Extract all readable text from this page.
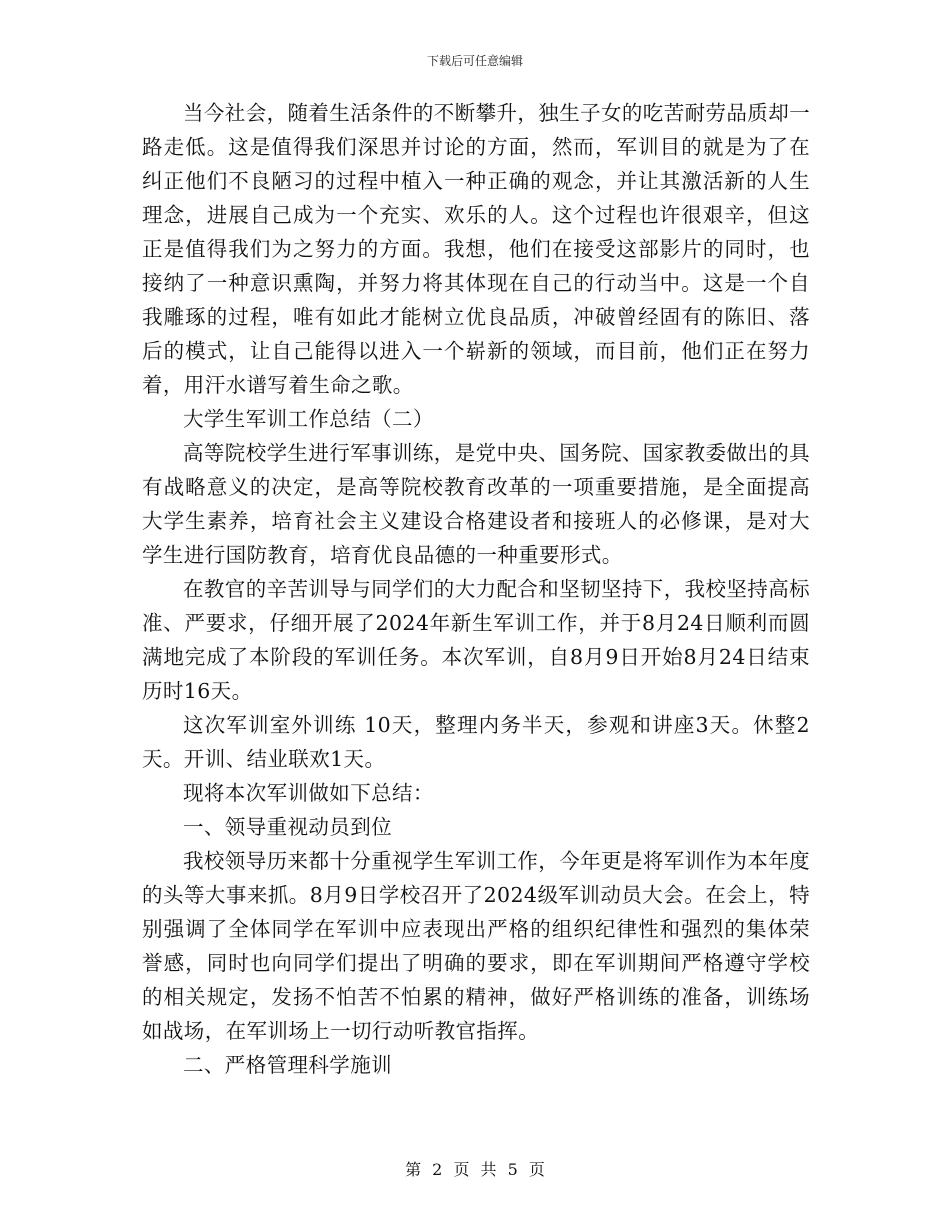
下载后可任意编辑

当今社会，随着生活条件的不断攀升，独生子女的吃苦耐劳品质却一路走低。这是值得我们深思并讨论的方面，然而，军训目的就是为了在纠正他们不良陋习的过程中植入一种正确的观念，并让其激活新的人生理念，进展自己成为一个充实、欢乐的人。这个过程也许很艰辛，但这正是值得我们为之努力的方面。我想，他们在接受这部影片的同时，也接纳了一种意识熏陶，并努力将其体现在自己的行动当中。这是一个自我雕琢的过程，唯有如此才能树立优良品质，冲破曾经固有的陈旧、落后的模式，让自己能得以进入一个崭新的领域，而目前，他们正在努力着，用汗水谱写着生命之歌。

大学生军训工作总结（二）

高等院校学生进行军事训练，是党中央、国务院、国家教委做出的具有战略意义的决定，是高等院校教育改革的一项重要措施，是全面提高大学生素养，培育社会主义建设合格建设者和接班人的必修课，是对大学生进行国防教育，培育优良品德的一种重要形式。

在教官的辛苦训导与同学们的大力配合和坚韧坚持下，我校坚持高标准、严要求，仔细开展了2024年新生军训工作，并于8月24日顺利而圆满地完成了本阶段的军训任务。本次军训，自8月9日开始8月24日结束历时16天。

这次军训室外训练 10天，整理内务半天，参观和讲座3天。休整2天。开训、结业联欢1天。

现将本次军训做如下总结：

一、领导重视动员到位

我校领导历来都十分重视学生军训工作，今年更是将军训作为本年度的头等大事来抓。8月9日学校召开了2024级军训动员大会。在会上，特别强调了全体同学在军训中应表现出严格的组织纪律性和强烈的集体荣誉感，同时也向同学们提出了明确的要求，即在军训期间严格遵守学校的相关规定，发扬不怕苦不怕累的精神，做好严格训练的准备，训练场如战场，在军训场上一切行动听教官指挥。

二、严格管理科学施训

第 2 页 共 5 页
